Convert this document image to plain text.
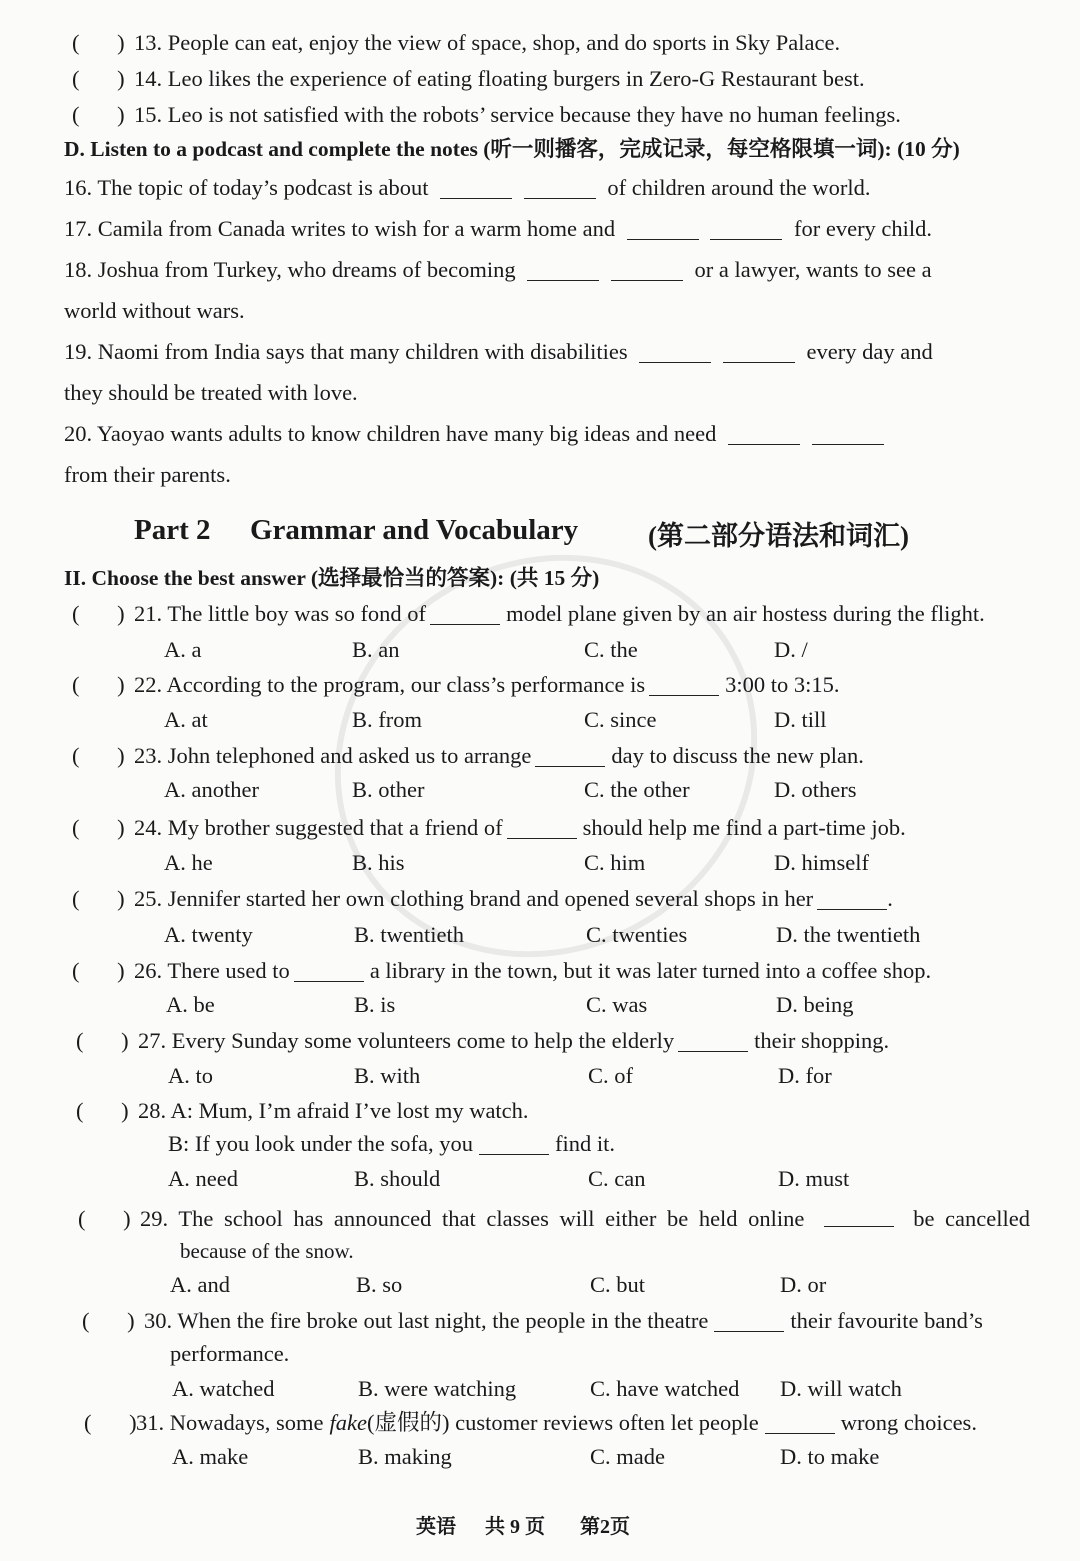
( )13. People can eat, enjoy the view of space, shop, and do sports in Sky Palace.
( )14. Leo likes the experience of eating floating burgers in Zero-G Restaurant best.
( )15. Leo is not satisfied with the robots’ service because they have no human feelings.
D. Listen to a podcast and complete the notes (听一则播客，完成记录，每空格限填一词): (10 分)
16. The topic of today’s podcast is about	of children around the world.
17. Camila from Canada writes to wish for a warm home and	for every child.
18. Joshua from Turkey, who dreams of becoming	or a lawyer, wants to see a
world without wars.
19. Naomi from India says that many children with disabilities	every day and
they should be treated with love.
20. Yaoyao wants adults to know children have many big ideas and need
from their parents.
Part 2 Grammar and Vocabulary	(第二部分语法和词汇)
II. Choose the best answer (选择最恰当的答案): (共 15 分)
( )21. The little boy was so fond of	model plane given by an air hostess during the flight.
A. a	B. an	C. the	D. /
( )22. According to the program, our class’s performance is	3:00 to 3:15.
A. at	B. from	C. since	D. till
( )23. John telephoned and asked us to arrange	day to discuss the new plan.
A. another	B. other	C. the other	D. others
( )24. My brother suggested that a friend of	should help me find a part-time job.
A. he	B. his	C. him	D. himself
( )25. Jennifer started her own clothing brand and opened several shops in her	.
A. twenty	B. twentieth	C. twenties	D. the twentieth
( )26. There used to	a library in the town, but it was later turned into a coffee shop.
A. be	B. is	C. was	D. being
( )27. Every Sunday some volunteers come to help the elderly	their shopping.
A. to	B. with	C. of	D. for
( )28. A: Mum, I’m afraid I’ve lost my watch.
B: If you look under the sofa, you	find it.
A. need	B. should	C. can	D. must
( )
29. The school has announced that classes will either be held online	be cancelled
because of the snow.
A. and	B. so	C. but	D. or
( )30. When the fire broke out last night, the people in the theatre	their favourite band’s
performance.
A. watched	B. were watching	C. have watched D. will watch
( )31. Nowadays, some fake(虚假的) customer reviews often let people	wrong choices.
A. make	B. making	C. made	D. to make
英语 共 9 页 第2页
